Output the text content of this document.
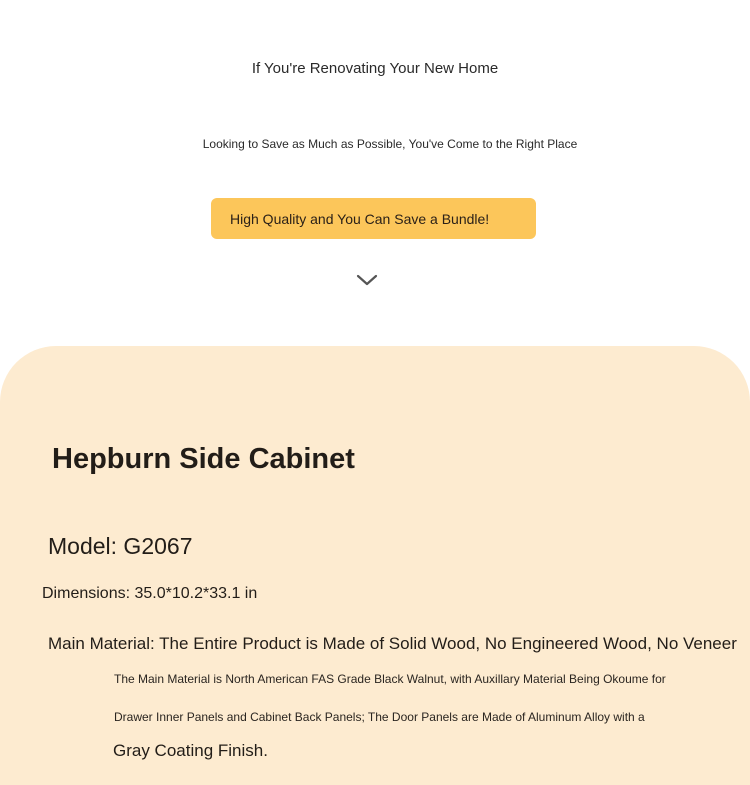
If You're Renovating Your New Home
Looking to Save as Much as Possible, You've Come to the Right Place
High Quality and You Can Save a Bundle!
Hepburn Side Cabinet
Model: G2067
Dimensions: 35.0*10.2*33.1 in
Main Material: The Entire Product is Made of Solid Wood, No Engineered Wood, No Veneer
The Main Material is North American FAS Grade Black Walnut, with Auxillary Material Being Okoume for
Drawer Inner Panels and Cabinet Back Panels; The Door Panels are Made of Aluminum Alloy with a
Gray Coating Finish.
